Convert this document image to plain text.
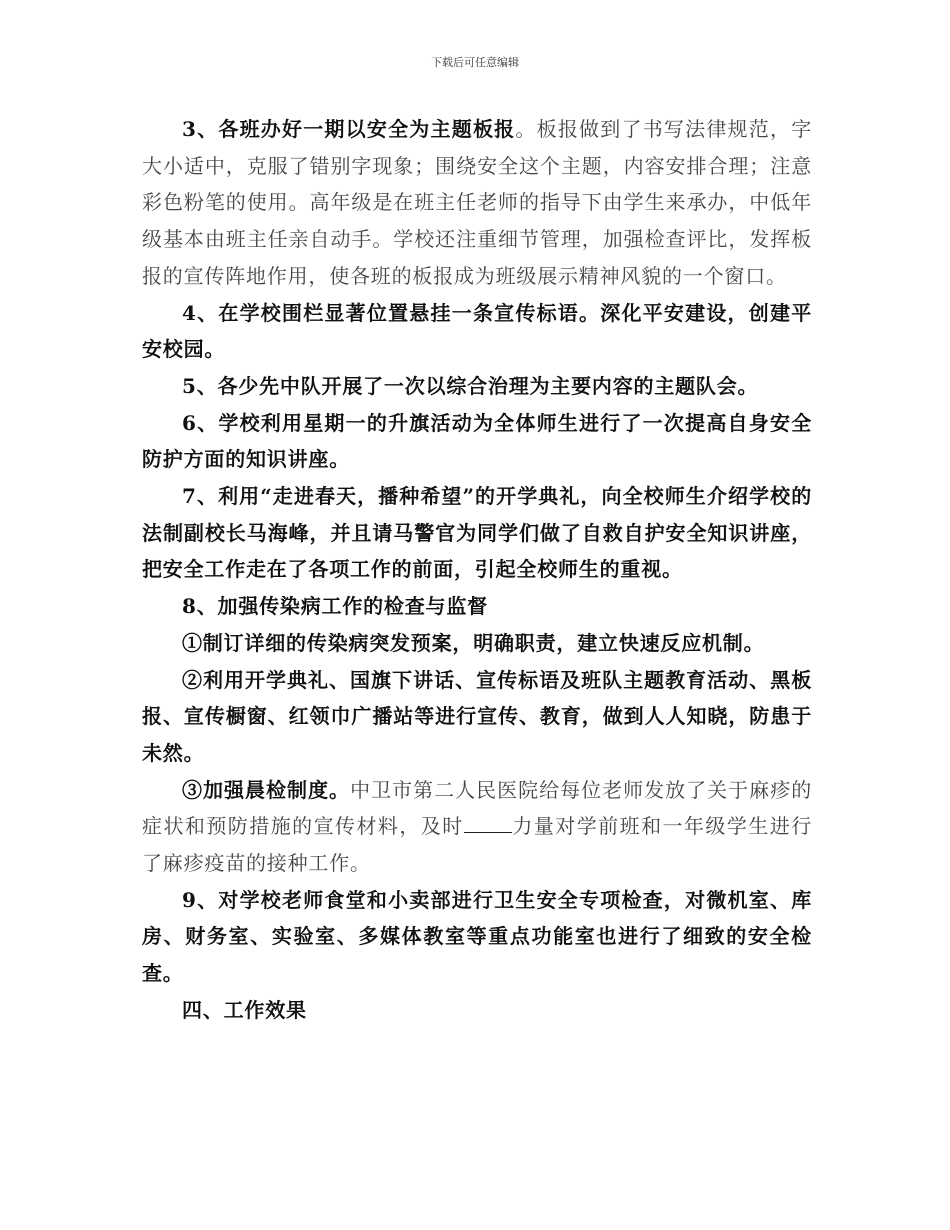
下载后可任意编辑

3、各班办好一期以安全为主题板报。板报做到了书写法律规范，字大小适中，克服了错别字现象；围绕安全这个主题，内容安排合理；注意彩色粉笔的使用。高年级是在班主任老师的指导下由学生来承办，中低年级基本由班主任亲自动手。学校还注重细节管理，加强检查评比，发挥板报的宣传阵地作用，使各班的板报成为班级展示精神风貌的一个窗口。

4、在学校围栏显著位置悬挂一条宣传标语。深化平安建设，创建平安校园。

5、各少先中队开展了一次以综合治理为主要内容的主题队会。

6、学校利用星期一的升旗活动为全体师生进行了一次提高自身安全防护方面的知识讲座。

7、利用“走进春天，播种希望”的开学典礼，向全校师生介绍学校的法制副校长马海峰，并且请马警官为同学们做了自救自护安全知识讲座，把安全工作走在了各项工作的前面，引起全校师生的重视。

8、加强传染病工作的检查与监督

①制订详细的传染病突发预案，明确职责，建立快速反应机制。

②利用开学典礼、国旗下讲话、宣传标语及班队主题教育活动、黑板报、宣传橱窗、红领巾广播站等进行宣传、教育，做到人人知晓，防患于未然。

③加强晨检制度。中卫市第二人民医院给每位老师发放了关于麻疹的症状和预防措施的宣传材料，及时 力量对学前班和一年级学生进行了麻疹疫苗的接种工作。

9、对学校老师食堂和小卖部进行卫生安全专项检查，对微机室、库房、财务室、实验室、多媒体教室等重点功能室也进行了细致的安全检查。

四、工作效果
